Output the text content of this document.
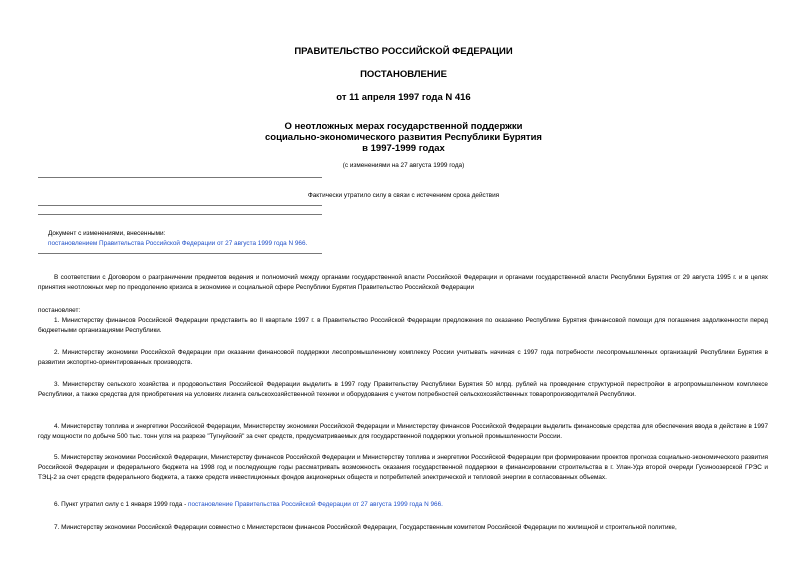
ПРАВИТЕЛЬСТВО РОССИЙСКОЙ ФЕДЕРАЦИИ
ПОСТАНОВЛЕНИЕ
от 11 апреля 1997 года N 416
О неотложных мерах государственной поддержки
социально-экономического развития Республики Бурятия
в 1997-1999 годах
(с изменениями на 27 августа 1999 года)
Фактически утратило силу в связи с истечением срока действия
Документ с изменениями, внесенными:
постановлением Правительства Российской Федерации от 27 августа 1999 года N 966.
В соответствии с Договором о разграничении предметов ведения и полномочий между органами государственной власти Российской Федерации и органами государственной власти Республики Бурятия от 29 августа 1995 г. и в целях принятия неотложных мер по преодолению кризиса в экономике и социальной сфере Республики Бурятия Правительство Российской Федерации
постановляет:
1. Министерству финансов Российской Федерации представить во II квартале 1997 г. в Правительство Российской Федерации предложения по оказанию Республике Бурятия финансовой помощи для погашения задолженности перед бюджетными организациями Республики.
2. Министерству экономики Российской Федерации при оказании финансовой поддержки лесопромышленному комплексу России учитывать начиная с 1997 года потребности лесопромышленных организаций Республики Бурятия в развитии экспортно-ориентированных производств.
3. Министерству сельского хозяйства и продовольствия Российской Федерации выделить в 1997 году Правительству Республики Бурятия 50 млрд. рублей на проведение структурной перестройки в агропромышленном комплексе Республики, а также средства для приобретения на условиях лизинга сельскохозяйственной техники и оборудования с учетом потребностей сельскохозяйственных товаропроизводителей Республики.
4. Министерству топлива и энергетики Российской Федерации, Министерству экономики Российской Федерации и Министерству финансов Российской Федерации выделить финансовые средства для обеспечения ввода в действие в 1997 году мощности по добыче 500 тыс. тонн угля на разрезе "Тугнуйский" за счет средств, предусматриваемых для государственной поддержки угольной промышленности России.
5. Министерству экономики Российской Федерации, Министерству финансов Российской Федерации и Министерству топлива и энергетики Российской Федерации при формировании проектов прогноза социально-экономического развития Российской Федерации и федерального бюджета на 1998 год и последующие годы рассматривать возможность оказания государственной поддержки в финансировании строительства в г. Улан-Удэ второй очереди Гусиноозерской ГРЭС и ТЭЦ-2 за счет средств федерального бюджета, а также средств инвестиционных фондов акционерных обществ и потребителей электрической и тепловой энергии в согласованных объемах.
6. Пункт утратил силу с 1 января 1999 года - постановление Правительства Российской Федерации от 27 августа 1999 года N 966.
7. Министерству экономики Российской Федерации совместно с Министерством финансов Российской Федерации, Государственным комитетом Российской Федерации по жилищной и строительной политике,
